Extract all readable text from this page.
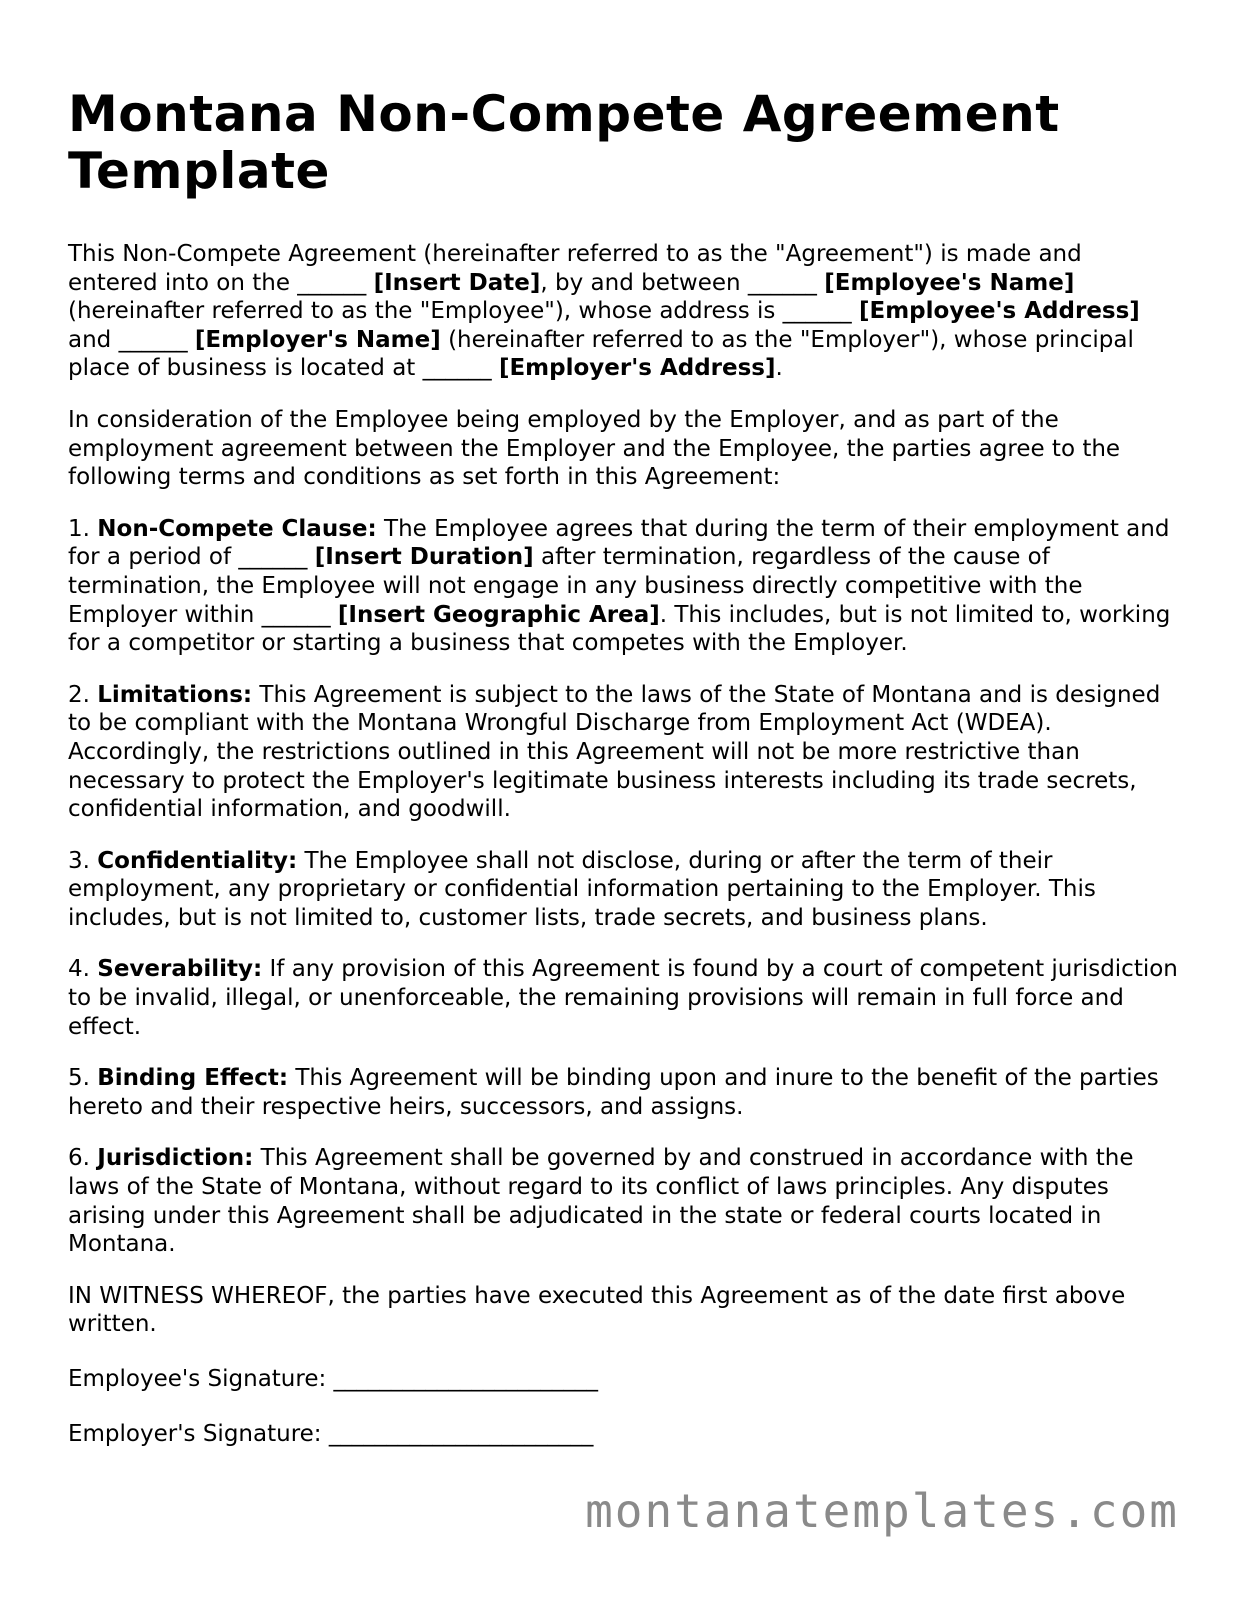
Montana Non-Compete Agreement Template

This Non-Compete Agreement (hereinafter referred to as the "Agreement") is made and entered into on the ______ [Insert Date], by and between ______ [Employee's Name] (hereinafter referred to as the "Employee"), whose address is ______ [Employee's Address] and ______ [Employer's Name] (hereinafter referred to as the "Employer"), whose principal place of business is located at ______ [Employer's Address].

In consideration of the Employee being employed by the Employer, and as part of the employment agreement between the Employer and the Employee, the parties agree to the following terms and conditions as set forth in this Agreement:

1. Non-Compete Clause: The Employee agrees that during the term of their employment and for a period of ______ [Insert Duration] after termination, regardless of the cause of termination, the Employee will not engage in any business directly competitive with the Employer within ______ [Insert Geographic Area]. This includes, but is not limited to, working for a competitor or starting a business that competes with the Employer.

2. Limitations: This Agreement is subject to the laws of the State of Montana and is designed to be compliant with the Montana Wrongful Discharge from Employment Act (WDEA). Accordingly, the restrictions outlined in this Agreement will not be more restrictive than necessary to protect the Employer's legitimate business interests including its trade secrets, confidential information, and goodwill.

3. Confidentiality: The Employee shall not disclose, during or after the term of their employment, any proprietary or confidential information pertaining to the Employer. This includes, but is not limited to, customer lists, trade secrets, and business plans.

4. Severability: If any provision of this Agreement is found by a court of competent jurisdiction to be invalid, illegal, or unenforceable, the remaining provisions will remain in full force and effect.

5. Binding Effect: This Agreement will be binding upon and inure to the benefit of the parties hereto and their respective heirs, successors, and assigns.

6. Jurisdiction: This Agreement shall be governed by and construed in accordance with the laws of the State of Montana, without regard to its conflict of laws principles. Any disputes arising under this Agreement shall be adjudicated in the state or federal courts located in Montana.

IN WITNESS WHEREOF, the parties have executed this Agreement as of the date first above written.

Employee's Signature: _______________________

Employer's Signature: _______________________

montanatemplates.com
